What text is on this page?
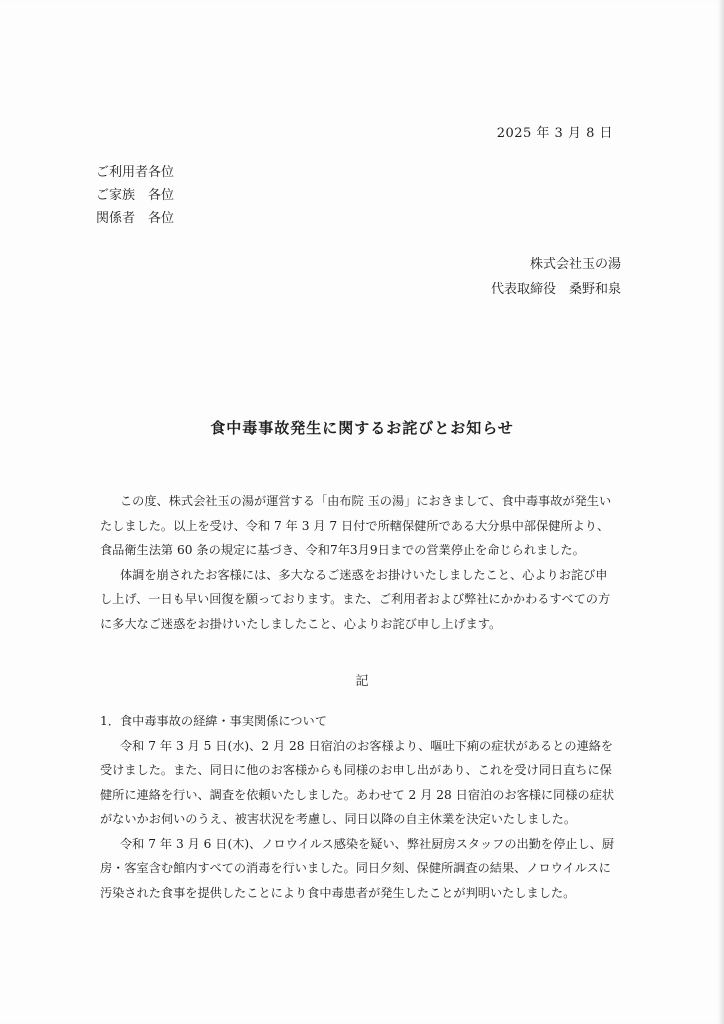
2025 年 3 月 8 日
ご利用者各位
ご家族　各位
関係者　各位
株式会社玉の湯
代表取締役　桑野和泉
食中毒事故発生に関するお詫びとお知らせ

この度、株式会社玉の湯が運営する「由布院 玉の湯」におきまして、食中毒事故が発生いたしました。以上を受け、令和 7 年 3 月 7 日付で所轄保健所である大分県中部保健所より、食品衛生法第 60 条の規定に基づき、令和7年3月9日までの営業停止を命じられました。

体調を崩されたお客様には、多大なるご迷惑をお掛けいたしましたこと、心よりお詫び申し上げ、一日も早い回復を願っております。また、ご利用者および弊社にかかわるすべての方に多大なご迷惑をお掛けいたしましたこと、心よりお詫び申し上げます。

記
1．食中毒事故の経緯・事実関係について

令和 7 年 3 月 5 日(水)、2 月 28 日宿泊のお客様より、嘔吐下痢の症状があるとの連絡を受けました。また、同日に他のお客様からも同様のお申し出があり、これを受け同日直ちに保健所に連絡を行い、調査を依頼いたしました。あわせて 2 月 28 日宿泊のお客様に同様の症状がないかお伺いのうえ、被害状況を考慮し、同日以降の自主休業を決定いたしました。

令和 7 年 3 月 6 日(木)、ノロウイルス感染を疑い、弊社厨房スタッフの出勤を停止し、厨房・客室含む館内すべての消毒を行いました。同日夕刻、保健所調査の結果、ノロウイルスに汚染された食事を提供したことにより食中毒患者が発生したことが判明いたしました。
